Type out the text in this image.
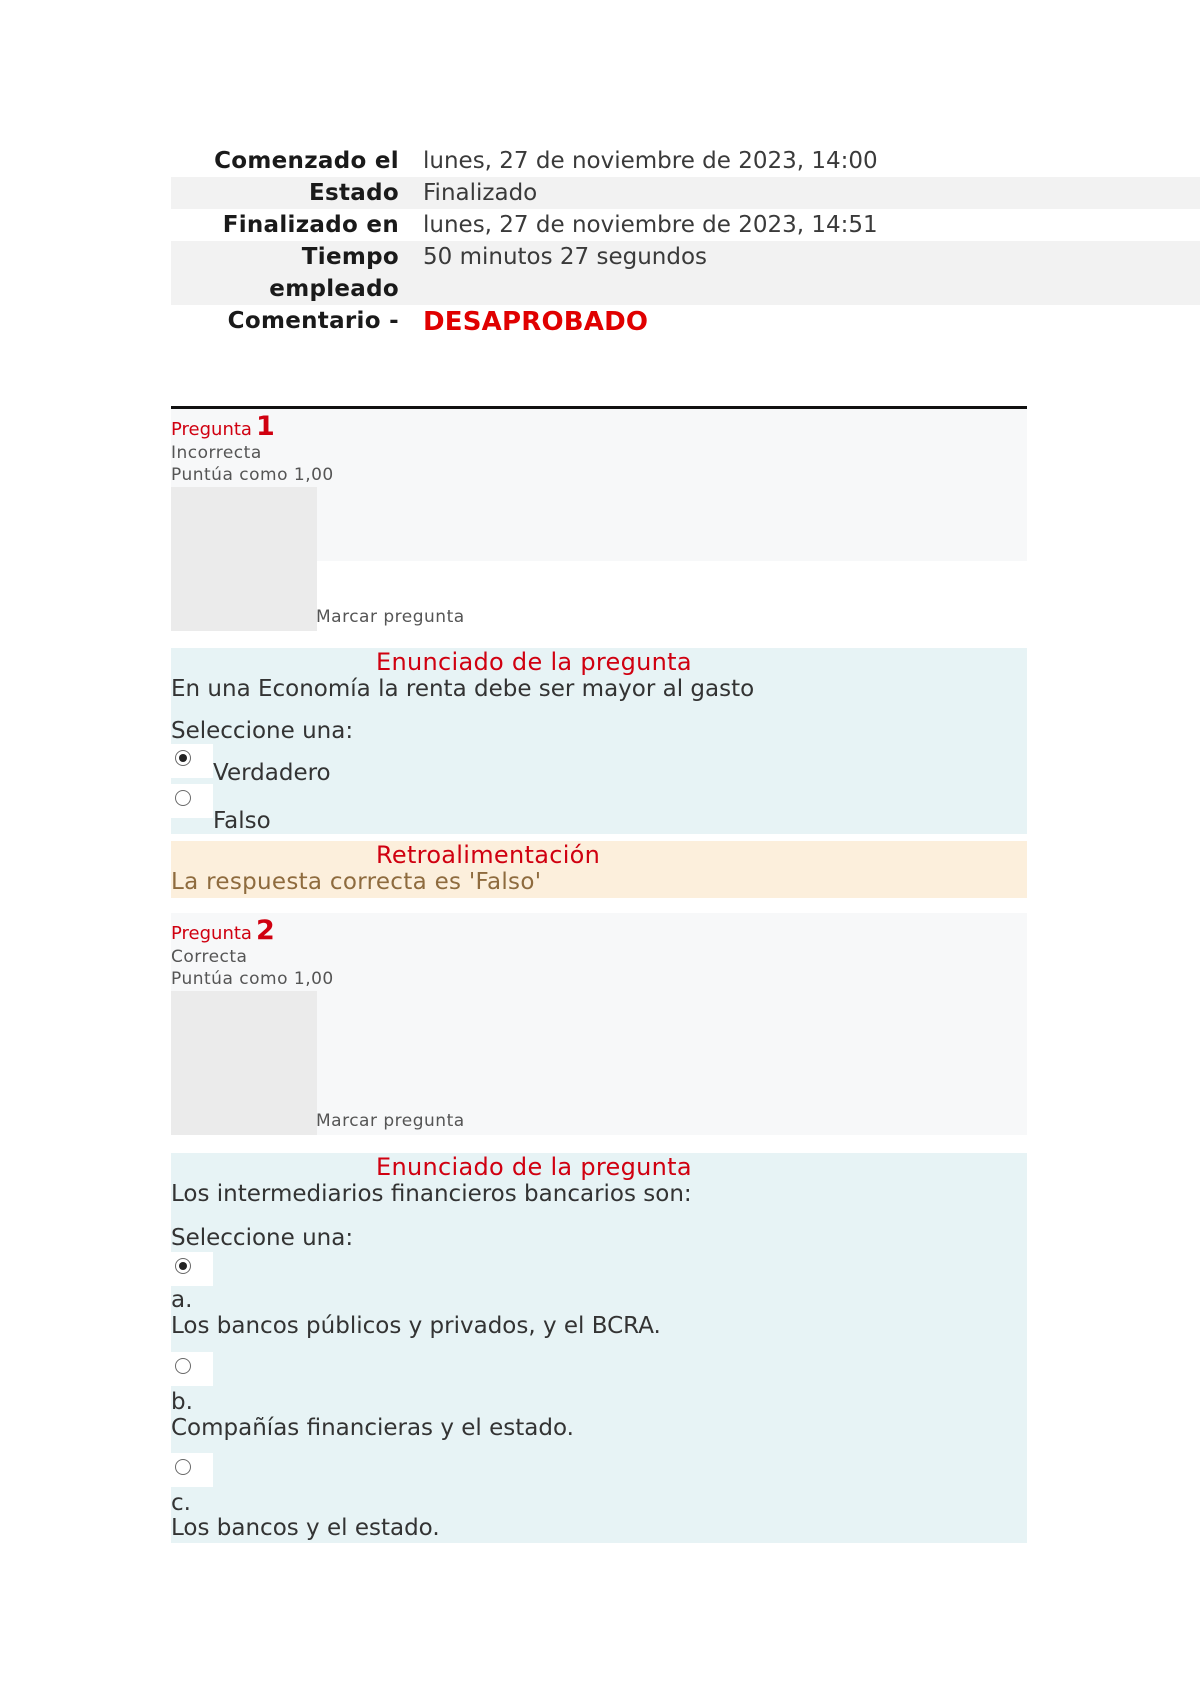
Comenzado el	lunes, 27 de noviembre de 2023, 14:00
Estado	Finalizado
Finalizado en	lunes, 27 de noviembre de 2023, 14:51
Tiempo
empleado	50 minutos 27 segundos
Comentario -	DESAPROBADO
Pregunta 1
Incorrecta
Puntúa como 1,00
Marcar pregunta
Enunciado de la pregunta
En una Economía la renta debe ser mayor al gasto
Seleccione una:
Verdadero
Falso
Retroalimentación
La respuesta correcta es 'Falso'
Pregunta 2
Correcta
Puntúa como 1,00
Marcar pregunta
Enunciado de la pregunta
Los intermediarios financieros bancarios son:
Seleccione una:
a.
Los bancos públicos y privados, y el BCRA.
b.
Compañías financieras y el estado.
c.
Los bancos y el estado.
